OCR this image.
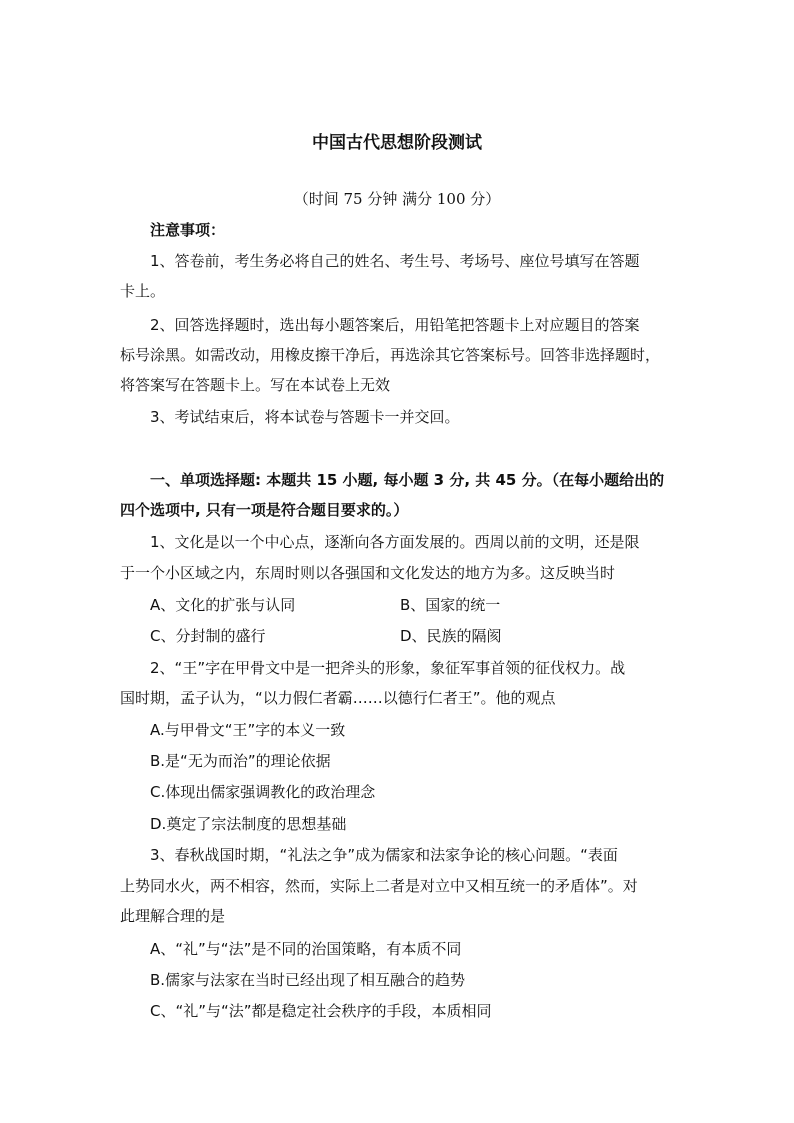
中国古代思想阶段测试
（时间 75 分钟 满分 100 分）
注意事项：
1、答卷前，考生务必将自己的姓名、考生号、考场号、座位号填写在答题
卡上。
2、回答选择题时，选出每小题答案后，用铅笔把答题卡上对应题目的答案
标号涂黑。如需改动，用橡皮擦干净后，再选涂其它答案标号。回答非选择题时，
将答案写在答题卡上。写在本试卷上无效
3、考试结束后，将本试卷与答题卡一并交回。
一、单项选择题: 本题共 15 小题, 每小题 3 分, 共 45 分。（在每小题给出的
四个选项中, 只有一项是符合题目要求的。）
1、文化是以一个中心点，逐渐向各方面发展的。西周以前的文明，还是限
于一个小区域之内，东周时则以各强国和文化发达的地方为多。这反映当时
A、文化的扩张与认同	B、国家的统一
C、分封制的盛行	D、民族的隔阂
2、“王”字在甲骨文中是一把斧头的形象，象征军事首领的征伐权力。战
国时期，孟子认为，“以力假仁者霸……以德行仁者王”。他的观点
A.与甲骨文“王”字的本义一致
B.是“无为而治”的理论依据
C.体现出儒家强调教化的政治理念
D.奠定了宗法制度的思想基础
3、春秋战国时期，“礼法之争”成为儒家和法家争论的核心问题。“表面
上势同水火，两不相容，然而，实际上二者是对立中又相互统一的矛盾体”。对
此理解合理的是
A、“礼”与“法”是不同的治国策略，有本质不同
B.儒家与法家在当时已经出现了相互融合的趋势
C、“礼”与“法”都是稳定社会秩序的手段，本质相同
